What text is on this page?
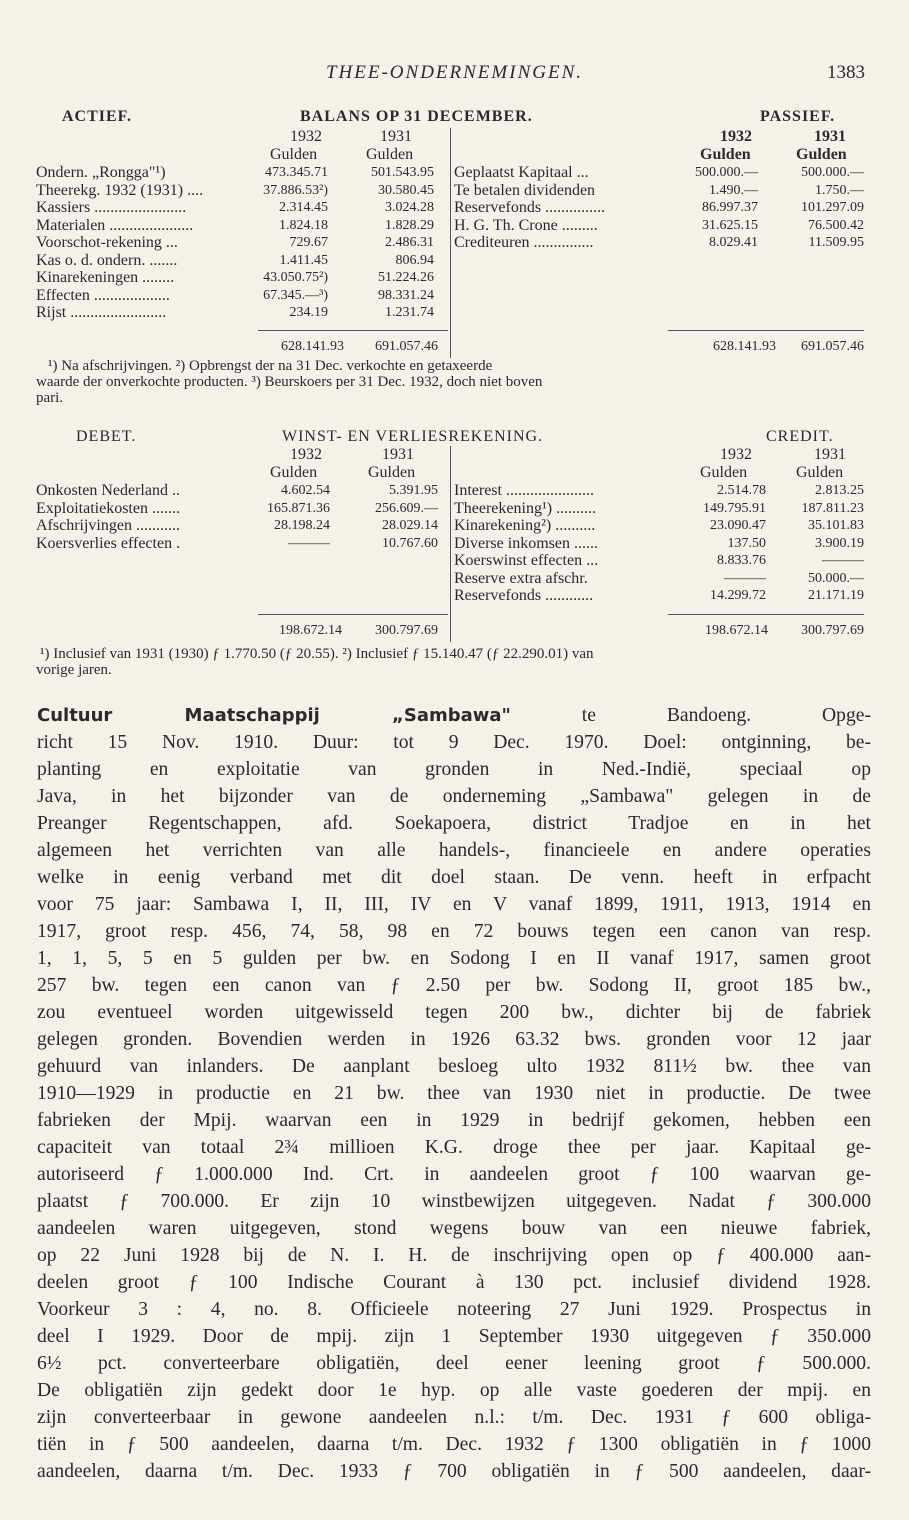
THEE-ONDERNEMINGEN.	1383
ACTIEF.	BALANS OP 31 DECEMBER.	PASSIEF.
1932	1931
Gulden	Gulden
1932	1931
Gulden	Gulden
Ondern. „Rongga"¹)	473.345.71	501.543.95
Theerekg. 1932 (1931) ....	37.886.53²)	30.580.45
Kassiers .......................	2.314.45	3.024.28
Materialen .....................	1.824.18	1.828.29
Voorschot-rekening ...	729.67	2.486.31
Kas o. d. ondern. .......	1.411.45	806.94
Kinarekeningen ........	43.050.75²)	51.224.26
Effecten ...................	67.345.—³)	98.331.24
Rijst ........................	234.19	1.231.74
Geplaatst Kapitaal ...	500.000.—	500.000.—
Te betalen dividenden	1.490.—	1.750.—
Reservefonds ...............	86.997.37	101.297.09
H. G. Th. Crone .........	31.625.15	76.500.42
Crediteuren ...............	8.029.41	11.509.95
628.141.93	691.057.46	628.141.93	691.057.46
¹) Na afschrijvingen. ²) Opbrengst der na 31 Dec. verkochte en getaxeerde
waarde der onverkochte producten. ³) Beurskoers per 31 Dec. 1932, doch niet boven
pari.
DEBET.	WINST- EN VERLIESREKENING.	CREDIT.
1932	1931
Gulden	Gulden
1932	1931
Gulden	Gulden
Onkosten Nederland ..	4.602.54	5.391.95
Exploitatiekosten .......	165.871.36	256.609.—
Afschrijvingen ...........	28.198.24	28.029.14
Koersverlies effecten .	———	10.767.60
Interest ......................	2.514.78	2.813.25
Theerekening¹) ..........	149.795.91	187.811.23
Kinarekening²) ..........	23.090.47	35.101.83
Diverse inkomsen ......	137.50	3.900.19
Koerswinst effecten ...	8.833.76	———
Reserve extra afschr.	———	50.000.—
Reservefonds ............	14.299.72	21.171.19
198.672.14	300.797.69	198.672.14	300.797.69
¹) Inclusief van 1931 (1930) ƒ 1.770.50 (ƒ 20.55). ²) Inclusief ƒ 15.140.47 (ƒ 22.290.01) van
vorige jaren.
Cultuur Maatschappij „Sambawa" te Bandoeng. Opge-
richt 15 Nov. 1910. Duur: tot 9 Dec. 1970. Doel: ontginning, be-
planting en exploitatie van gronden in Ned.-Indië, speciaal op
Java, in het bijzonder van de onderneming „Sambawa" gelegen in de
Preanger Regentschappen, afd. Soekapoera, district Tradjoe en in het
algemeen het verrichten van alle handels-, financieele en andere operaties
welke in eenig verband met dit doel staan. De venn. heeft in erfpacht
voor 75 jaar: Sambawa I, II, III, IV en V vanaf 1899, 1911, 1913, 1914 en
1917, groot resp. 456, 74, 58, 98 en 72 bouws tegen een canon van resp.
1, 1, 5, 5 en 5 gulden per bw. en Sodong I en II vanaf 1917, samen groot
257 bw. tegen een canon van ƒ 2.50 per bw. Sodong II, groot 185 bw.,
zou eventueel worden uitgewisseld tegen 200 bw., dichter bij de fabriek
gelegen gronden. Bovendien werden in 1926 63.32 bws. gronden voor 12 jaar
gehuurd van inlanders. De aanplant besloeg ulto 1932 811½ bw. thee van
1910—1929 in productie en 21 bw. thee van 1930 niet in productie. De twee
fabrieken der Mpij. waarvan een in 1929 in bedrijf gekomen, hebben een
capaciteit van totaal 2¾ millioen K.G. droge thee per jaar. Kapitaal ge-
autoriseerd ƒ 1.000.000 Ind. Crt. in aandeelen groot ƒ 100 waarvan ge-
plaatst ƒ 700.000. Er zijn 10 winstbewijzen uitgegeven. Nadat ƒ 300.000
aandeelen waren uitgegeven, stond wegens bouw van een nieuwe fabriek,
op 22 Juni 1928 bij de N. I. H. de inschrijving open op ƒ 400.000 aan-
deelen groot ƒ 100 Indische Courant à 130 pct. inclusief dividend 1928.
Voorkeur 3 : 4, no. 8. Officieele noteering 27 Juni 1929. Prospectus in
deel I 1929. Door de mpij. zijn 1 September 1930 uitgegeven ƒ 350.000
6½ pct. converteerbare obligatiën, deel eener leening groot ƒ 500.000.
De obligatiën zijn gedekt door 1e hyp. op alle vaste goederen der mpij. en
zijn converteerbaar in gewone aandeelen n.l.: t/m. Dec. 1931 ƒ 600 obliga-
tiën in ƒ 500 aandeelen, daarna t/m. Dec. 1932 ƒ 1300 obligatiën in ƒ 1000
aandeelen, daarna t/m. Dec. 1933 ƒ 700 obligatiën in ƒ 500 aandeelen, daar-
